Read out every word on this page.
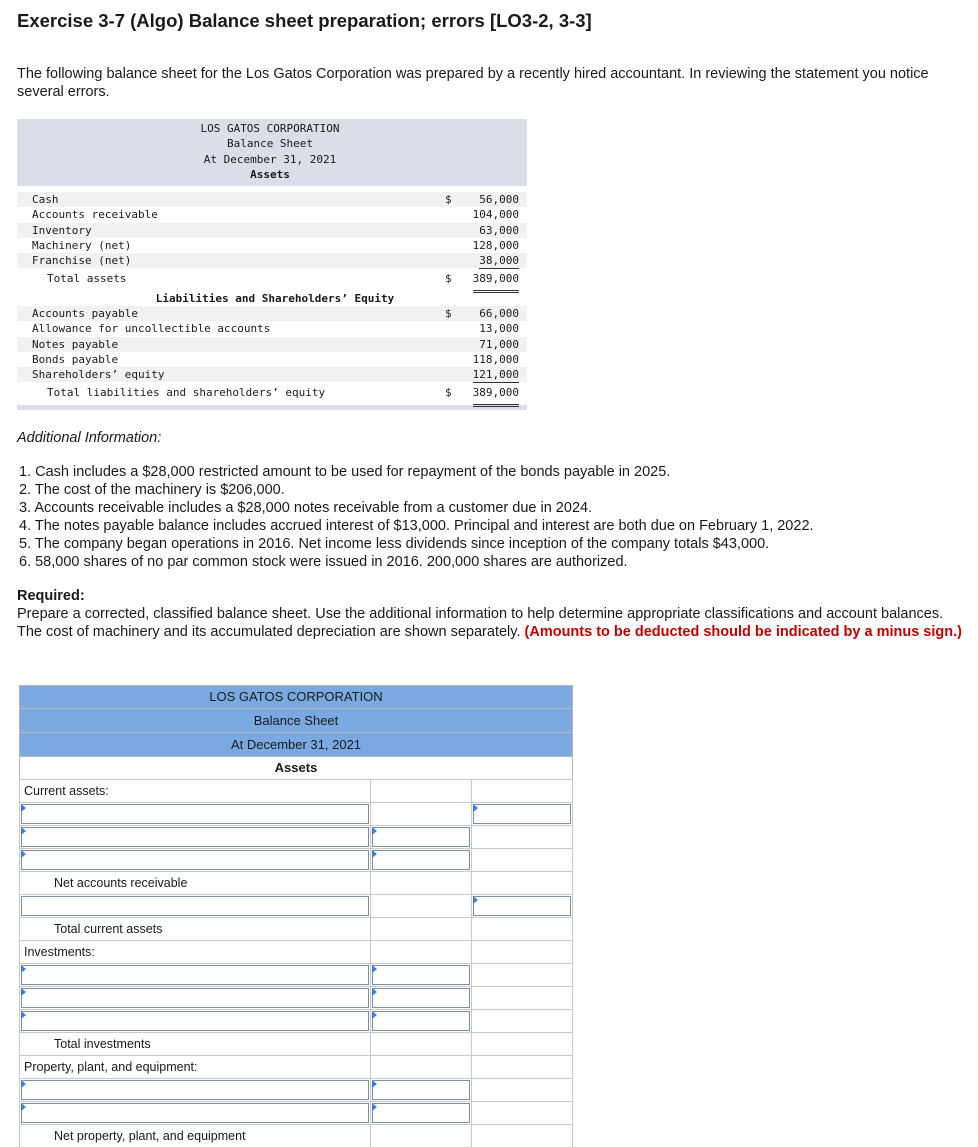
Exercise 3-7 (Algo) Balance sheet preparation; errors [LO3-2, 3-3]

The following balance sheet for the Los Gatos Corporation was prepared by a recently hired accountant. In reviewing the statement you notice several errors.

LOS GATOS CORPORATION
Balance Sheet
At December 31, 2021
Assets
Cash	$	56,000
Accounts receivable	104,000
Inventory	63,000
Machinery (net)	128,000
Franchise (net)	38,000
Total assets	$ 389,000
Liabilities and Shareholders’ Equity
Accounts payable	$	66,000
Allowance for uncollectible accounts	13,000
Notes payable	71,000
Bonds payable	118,000
Shareholders’ equity	121,000
Total liabilities and shareholders’ equity	$ 389,000

Additional Information:

1. Cash includes a $28,000 restricted amount to be used for repayment of the bonds payable in 2025.
2. The cost of the machinery is $206,000.
3. Accounts receivable includes a $28,000 notes receivable from a customer due in 2024.
4. The notes payable balance includes accrued interest of $13,000. Principal and interest are both due on February 1, 2022.
5. The company began operations in 2016. Net income less dividends since inception of the company totals $43,000.
6. 58,000 shares of no par common stock were issued in 2016. 200,000 shares are authorized.

Required:

Prepare a corrected, classified balance sheet. Use the additional information to help determine appropriate classifications and account balances. The cost of machinery and its accumulated depreciation are shown separately. (Amounts to be deducted should be indicated by a minus sign.)

LOS GATOS CORPORATION
Balance Sheet
At December 31, 2021
Assets
Current assets:
Net accounts receivable
Total current assets
Investments:
Total investments
Property, plant, and equipment:
Net property, plant, and equipment
